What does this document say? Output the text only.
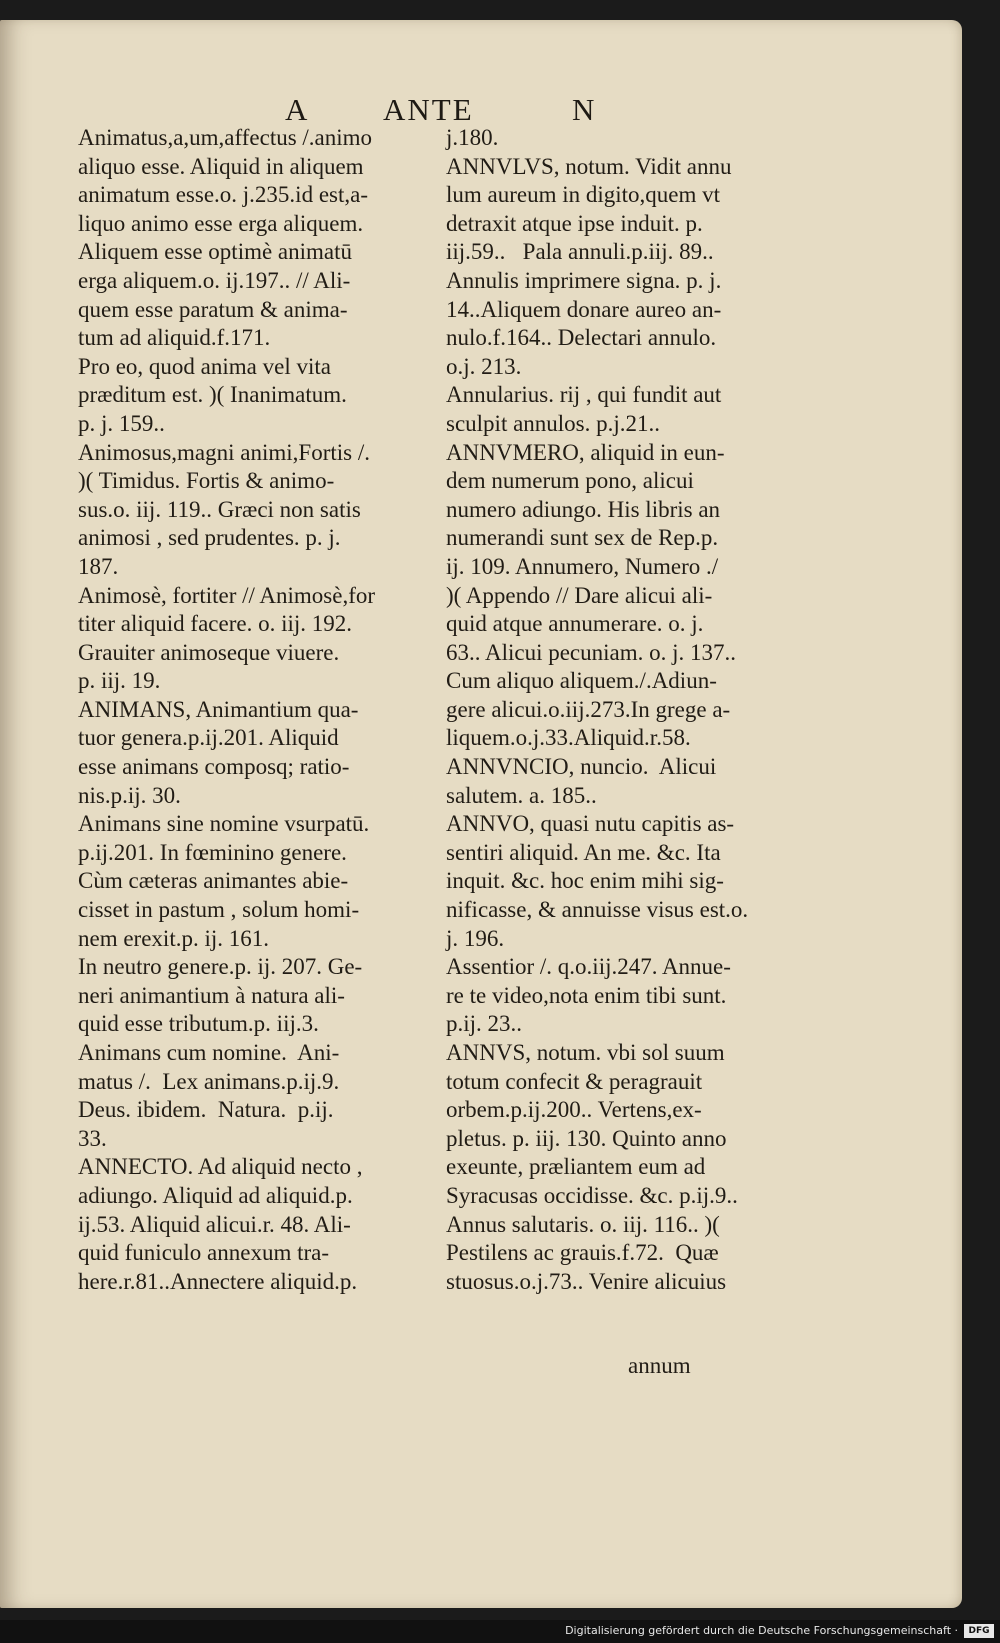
A ANTE	N
Animatus,a,um,affectus /.animo
aliquo esse. Aliquid in aliquem
animatum esse.o. j.235.id est,a-
liquo animo esse erga aliquem.
Aliquem esse optimè animatū
erga aliquem.o. ij.197.. // Ali-
quem esse paratum & anima-
tum ad aliquid.f.171.
Pro eo, quod anima vel vita
præditum est. )( Inanimatum.
p. j. 159..
Animosus,magni animi,Fortis /.
)( Timidus. Fortis & animo-
sus.o. iij. 119.. Græci non satis
animosi , sed prudentes. p. j.
187.
Animosè, fortiter // Animosè,for
titer aliquid facere. o. iij. 192.
Grauiter animoseque viuere.
p. iij. 19.
ANIMANS, Animantium qua-
tuor genera.p.ij.201. Aliquid
esse animans composq; ratio-
nis.p.ij. 30.
Animans sine nomine vsurpatū.
p.ij.201. In fœminino genere.
Cùm cæteras animantes abie-
cisset in pastum , solum homi-
nem erexit.p. ij. 161.
In neutro genere.p. ij. 207. Ge-
neri animantium à natura ali-
quid esse tributum.p. iij.3.
Animans cum nomine.  Ani-
matus /.  Lex animans.p.ij.9.
Deus. ibidem.  Natura.  p.ij.
33.
ANNECTO. Ad aliquid necto ,
adiungo. Aliquid ad aliquid.p.
ij.53. Aliquid alicui.r. 48. Ali-
quid funiculo annexum tra-
here.r.81..Annectere aliquid.p.
j.180.
ANNVLVS, notum. Vidit annu
lum aureum in digito,quem vt
detraxit atque ipse induit. p.
iij.59..   Pala annuli.p.iij. 89..
Annulis imprimere signa. p. j.
14..Aliquem donare aureo an-
nulo.f.164.. Delectari annulo.
o.j. 213.
Annularius. rij , qui fundit aut
sculpit annulos. p.j.21..
ANNVMERO, aliquid in eun-
dem numerum pono, alicui
numero adiungo. His libris an
numerandi sunt sex de Rep.p.
ij. 109. Annumero, Numero ./
)( Appendo // Dare alicui ali-
quid atque annumerare. o. j.
63.. Alicui pecuniam. o. j. 137..
Cum aliquo aliquem./.Adiun-
gere alicui.o.iij.273.In grege a-
liquem.o.j.33.Aliquid.r.58.
ANNVNCIO, nuncio.  Alicui
salutem. a. 185..
ANNVO, quasi nutu capitis as-
sentiri aliquid. An me. &c. Ita
inquit. &c. hoc enim mihi sig-
nificasse, & annuisse visus est.o.
j. 196.
Assentior /. q.o.iij.247. Annue-
re te video,nota enim tibi sunt.
p.ij. 23..
ANNVS, notum. vbi sol suum
totum confecit & peragrauit
orbem.p.ij.200.. Vertens,ex-
pletus. p. iij. 130. Quinto anno
exeunte, præliantem eum ad
Syracusas occidisse. &c. p.ij.9..
Annus salutaris. o. iij. 116.. )(
Pestilens ac grauis.f.72.  Quæ
stuosus.o.j.73.. Venire alicuius
annum
Digitalisierung gefördert durch die Deutsche Forschungsgemeinschaft ·	DFG
